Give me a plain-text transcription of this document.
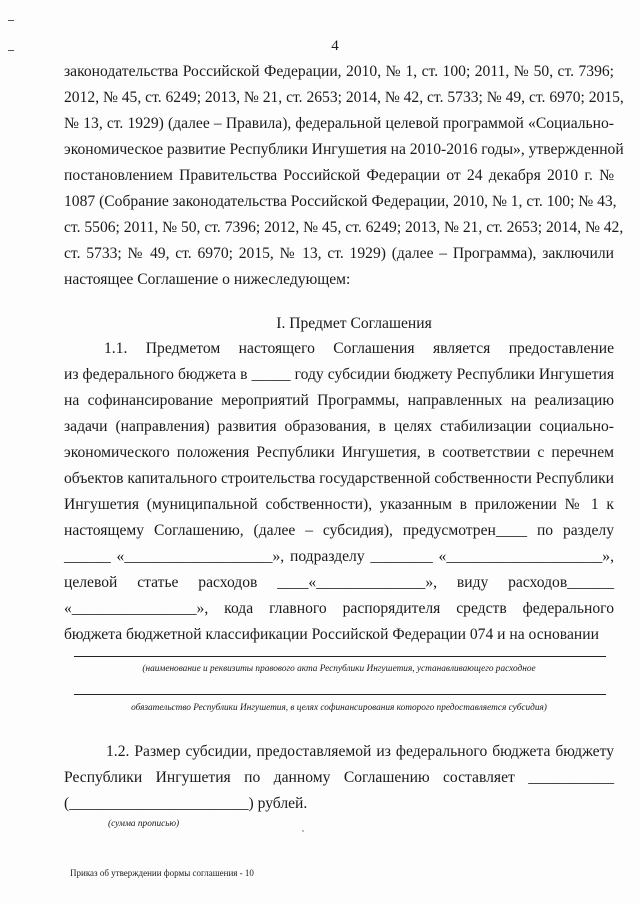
4
законодательства Российской Федерации, 2010, № 1, ст. 100; 2011, № 50, ст. 7396;
2012, № 45, ст. 6249; 2013, № 21, ст. 2653; 2014, № 42, ст. 5733; № 49, ст. 6970; 2015,
№ 13, ст. 1929) (далее – Правила), федеральной целевой программой «Социально-
экономическое развитие Республики Ингушетия на 2010-2016 годы», утвержденной
постановлением Правительства Российской Федерации от 24 декабря 2010 г. №
1087 (Собрание законодательства Российской Федерации, 2010, № 1, ст. 100; № 43,
ст. 5506; 2011, № 50, ст. 7396; 2012, № 45, ст. 6249; 2013, № 21, ст. 2653; 2014, № 42,
ст. 5733; № 49, ст. 6970; 2015, № 13, ст. 1929) (далее – Программа), заключили
настоящее Соглашение о нижеследующем:
I. Предмет Соглашения
1.1. Предметом настоящего Соглашения является предоставление
из федерального бюджета в _____ году субсидии бюджету Республики Ингушетия
на софинансирование мероприятий Программы, направленных на реализацию
задачи (направления) развития образования, в целях стабилизации социально-
экономического положения Республики Ингушетия, в соответствии с перечнем
объектов капитального строительства государственной собственности Республики
Ингушетия (муниципальной собственности), указанным в приложении № 1 к
настоящему Соглашению, (далее – субсидия), предусмотрен____ по разделу
______ «___________________», подразделу ________ «____________________»,
целевой статье расходов ____«______________», виду расходов______
«________________», кода главного распорядителя средств федерального
бюджета бюджетной классификации Российской Федерации 074 и на основании
(наименование и реквизиты правового акта Республики Ингушетия, устанавливающего расходное
обязательство Республики Ингушетия, в целях софинансирования которого предоставляется субсидия)
1.2. Размер субсидии, предоставляемой из федерального бюджета бюджету
Республики Ингушетия по данному Соглашению составляет ___________
(_______________________) рублей.
(сумма прописью)
Приказ об утверждении формы соглашения - 10
